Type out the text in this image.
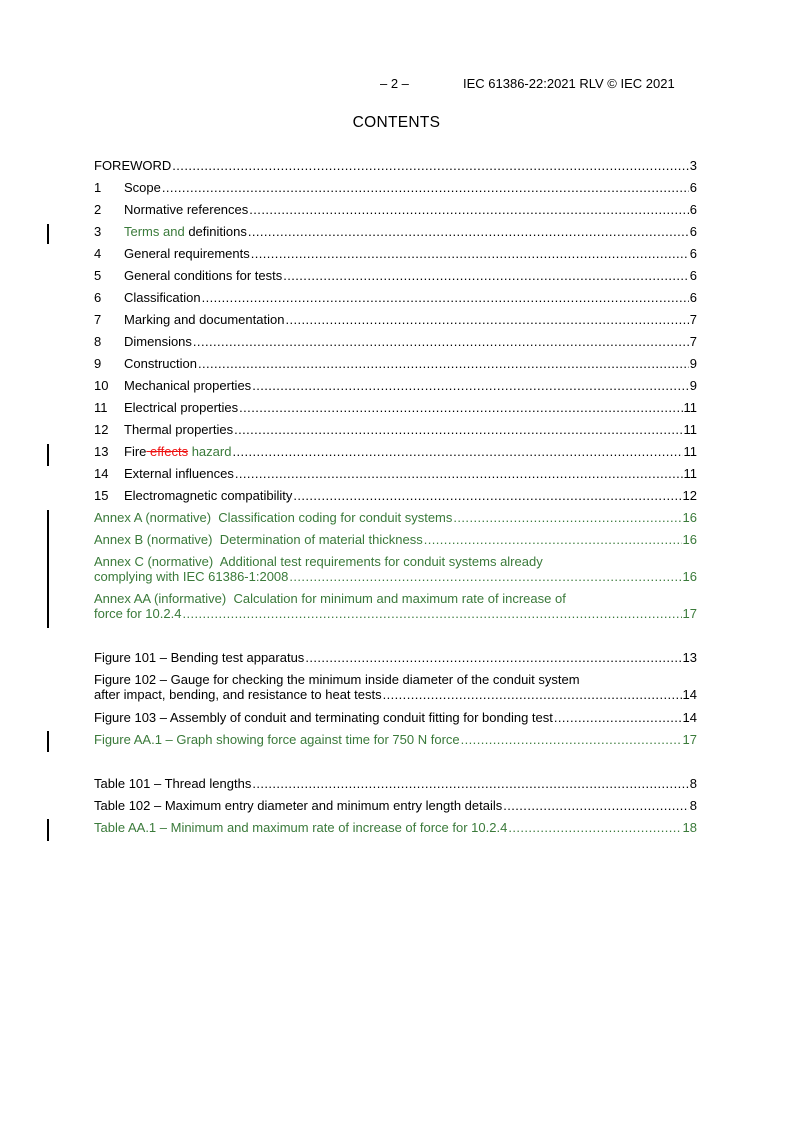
– 2 –	IEC 61386-22:2021 RLV © IEC 2021
CONTENTS
FOREWORD .....	3
1	Scope .....	6
2	Normative references .....	6
3	Terms and definitions .....	6
4	General requirements .....	6
5	General conditions for tests .....	6
6	Classification .....	6
7	Marking and documentation .....	7
8	Dimensions .....	7
9	Construction .....	9
10	Mechanical properties .....	9
11	Electrical properties .....	11
12	Thermal properties .....	11
13	Fire effects hazard .....	11
14	External influences .....	11
15	Electromagnetic compatibility .....	12
Annex A (normative)  Classification coding for conduit systems .....	16
Annex B (normative)  Determination of material thickness .....	16
Annex C (normative)  Additional test requirements for conduit systems already
complying with IEC 61386-1:2008 .....	16
Annex AA (informative)  Calculation for minimum and maximum rate of increase of
force for 10.2.4 .....	17
Figure 101 – Bending test apparatus .....	13
Figure 102 – Gauge for checking the minimum inside diameter of the conduit system
after impact, bending, and resistance to heat tests .....	14
Figure 103 – Assembly of conduit and terminating conduit fitting for bonding test .....	14
Figure AA.1 – Graph showing force against time for 750 N force .....	17
Table 101 – Thread lengths .....	8
Table 102 – Maximum entry diameter and minimum entry length details .....	8
Table AA.1 – Minimum and maximum rate of increase of force for 10.2.4 .....	18
